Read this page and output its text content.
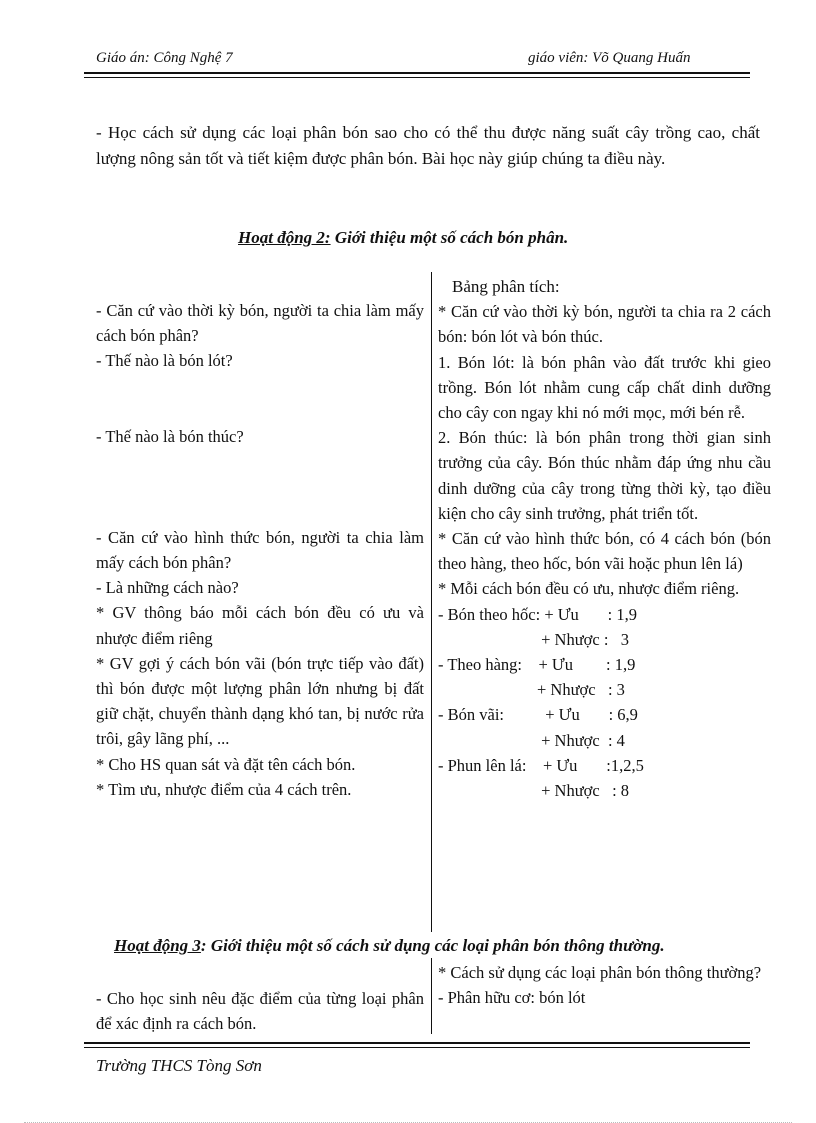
Giáo án: Công Nghệ 7	giáo viên: Võ Quang Huấn
- Học cách sử dụng các loại phân bón sao cho có thể thu được năng suất cây trồng cao, chất lượng nông sản tốt và tiết kiệm được phân bón. Bài học này giúp chúng ta điều này.
Hoạt động 2: Giới thiệu một số cách bón phân.

- Căn cứ vào thời kỳ bón, người ta chia làm mấy cách bón phân?

- Thế nào là bón lót?

- Thế nào là bón thúc?

- Căn cứ vào hình thức bón, người ta chia làm mấy cách bón phân?

- Là những cách nào?

* GV thông báo mỗi cách bón đều có ưu và nhược điểm riêng

* GV gợi ý cách bón vãi (bón trực tiếp vào đất) thì bón được một lượng phân lớn nhưng bị đất giữ chặt, chuyển thành dạng khó tan, bị nước rửa trôi, gây lãng phí, ...

* Cho HS quan sát và đặt tên cách bón.

* Tìm ưu, nhược điểm của 4 cách trên.

Bảng phân tích:

* Căn cứ vào thời kỳ bón, người ta chia ra 2 cách bón: bón lót và bón thúc.

1. Bón lót: là bón phân vào đất trước khi gieo trồng. Bón lót nhằm cung cấp chất dinh dưỡng cho cây con ngay khi nó mới mọc, mới bén rễ.

2. Bón thúc: là bón phân trong thời gian sinh trưởng của cây. Bón thúc nhằm đáp ứng nhu cầu dinh dưỡng của cây trong từng thời kỳ, tạo điều kiện cho cây sinh trưởng, phát triển tốt.

* Căn cứ vào hình thức bón, có 4 cách bón (bón theo hàng, theo hốc, bón vãi hoặc phun lên lá)

* Mỗi cách bón đều có ưu, nhược điểm riêng.

- Bón theo hốc: + Ưu       : 1,9

+ Nhược :   3

- Theo hàng:    + Ưu        : 1,9

+ Nhược   : 3

- Bón vãi:          + Ưu       : 6,9

+ Nhược  : 4

- Phun lên lá:    + Ưu       :1,2,5

+ Nhược   : 8

Hoạt động 3: Giới thiệu một số cách sử dụng các loại phân bón thông thường.

- Cho học sinh nêu đặc điểm của từng loại phân để xác định ra cách bón.

* Cách sử dụng các loại phân bón thông thường?

- Phân hữu cơ: bón lót

Trường THCS Tòng Sơn
